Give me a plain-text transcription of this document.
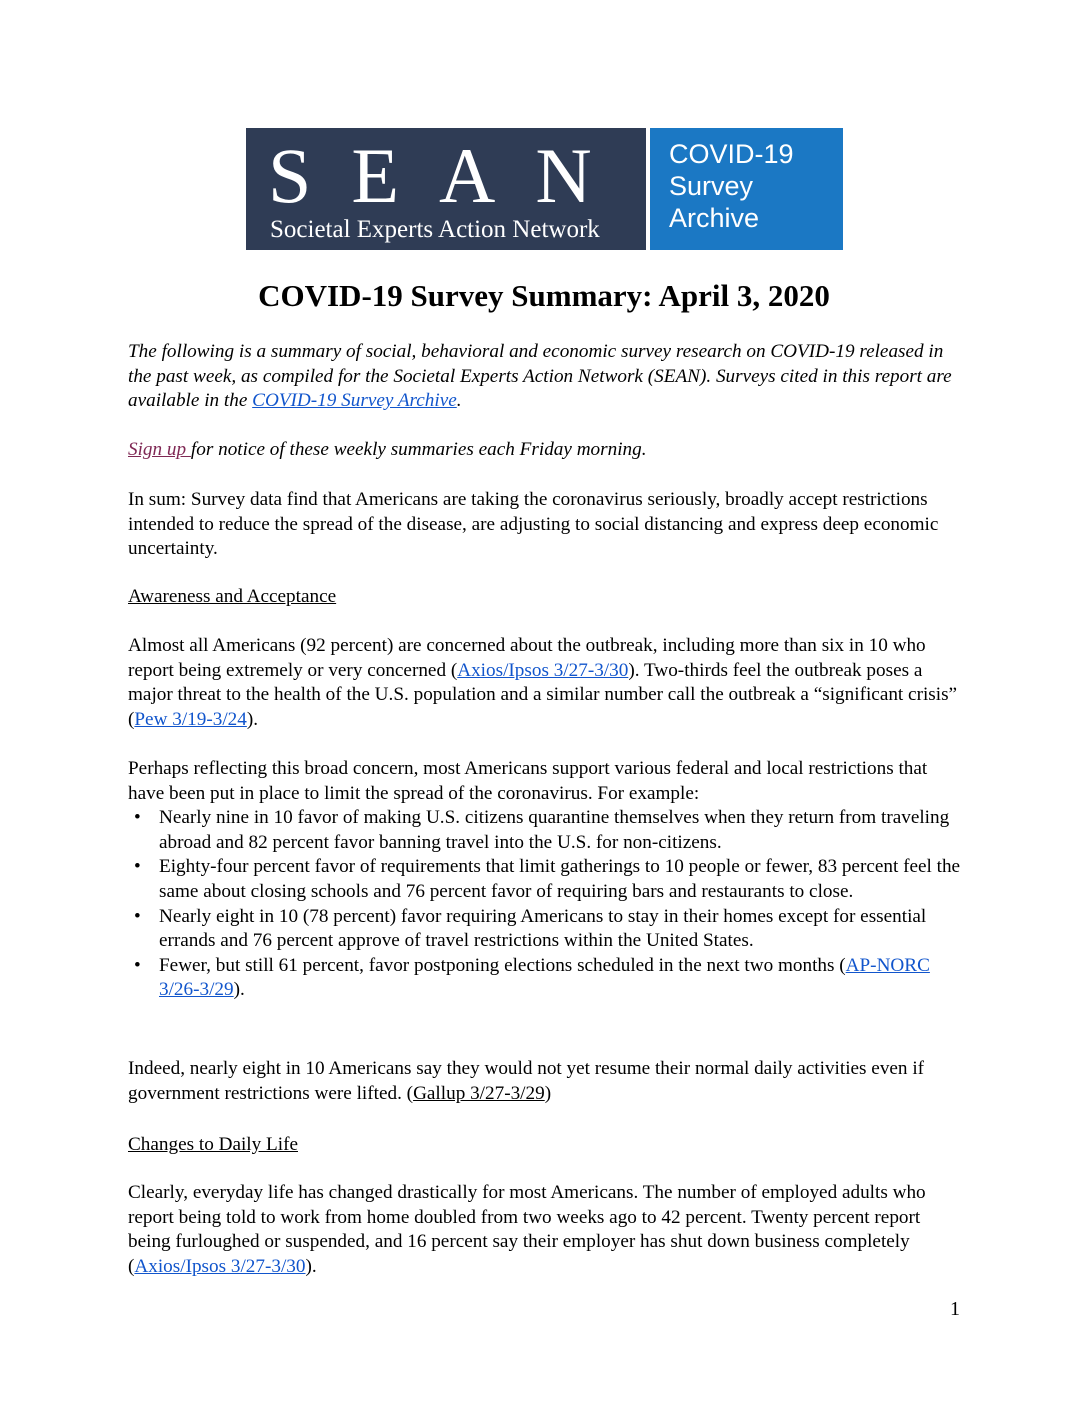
SEAN
Societal Experts Action Network
COVID-19
Survey
Archive
COVID-19 Survey Summary: April 3, 2020
The following is a summary of social, behavioral and economic survey research on COVID-19 released in the past week, as compiled for the Societal Experts Action Network (SEAN). Surveys cited in this report are available in the COVID-19 Survey Archive.
Sign up for notice of these weekly summaries each Friday morning.
In sum: Survey data find that Americans are taking the coronavirus seriously, broadly accept restrictions intended to reduce the spread of the disease, are adjusting to social distancing and express deep economic uncertainty.
Awareness and Acceptance
Almost all Americans (92 percent) are concerned about the outbreak, including more than six in 10 who report being extremely or very concerned (Axios/Ipsos 3/27-3/30). Two-thirds feel the outbreak poses a major threat to the health of the U.S. population and a similar number call the outbreak a “significant crisis” (Pew 3/19-3/24).
Perhaps reflecting this broad concern, most Americans support various federal and local restrictions that have been put in place to limit the spread of the coronavirus. For example:
• Nearly nine in 10 favor of making U.S. citizens quarantine themselves when they return from traveling abroad and 82 percent favor banning travel into the U.S. for non-citizens.
• Eighty-four percent favor of requirements that limit gatherings to 10 people or fewer, 83 percent feel the same about closing schools and 76 percent favor of requiring bars and restaurants to close.
• Nearly eight in 10 (78 percent) favor requiring Americans to stay in their homes except for essential errands and 76 percent approve of travel restrictions within the United States.
• Fewer, but still 61 percent, favor postponing elections scheduled in the next two months (AP-NORC 3/26-3/29).
Indeed, nearly eight in 10 Americans say they would not yet resume their normal daily activities even if government restrictions were lifted. (Gallup 3/27-3/29)
Changes to Daily Life
Clearly, everyday life has changed drastically for most Americans. The number of employed adults who report being told to work from home doubled from two weeks ago to 42 percent. Twenty percent report being furloughed or suspended, and 16 percent say their employer has shut down business completely (Axios/Ipsos 3/27-3/30).
1
